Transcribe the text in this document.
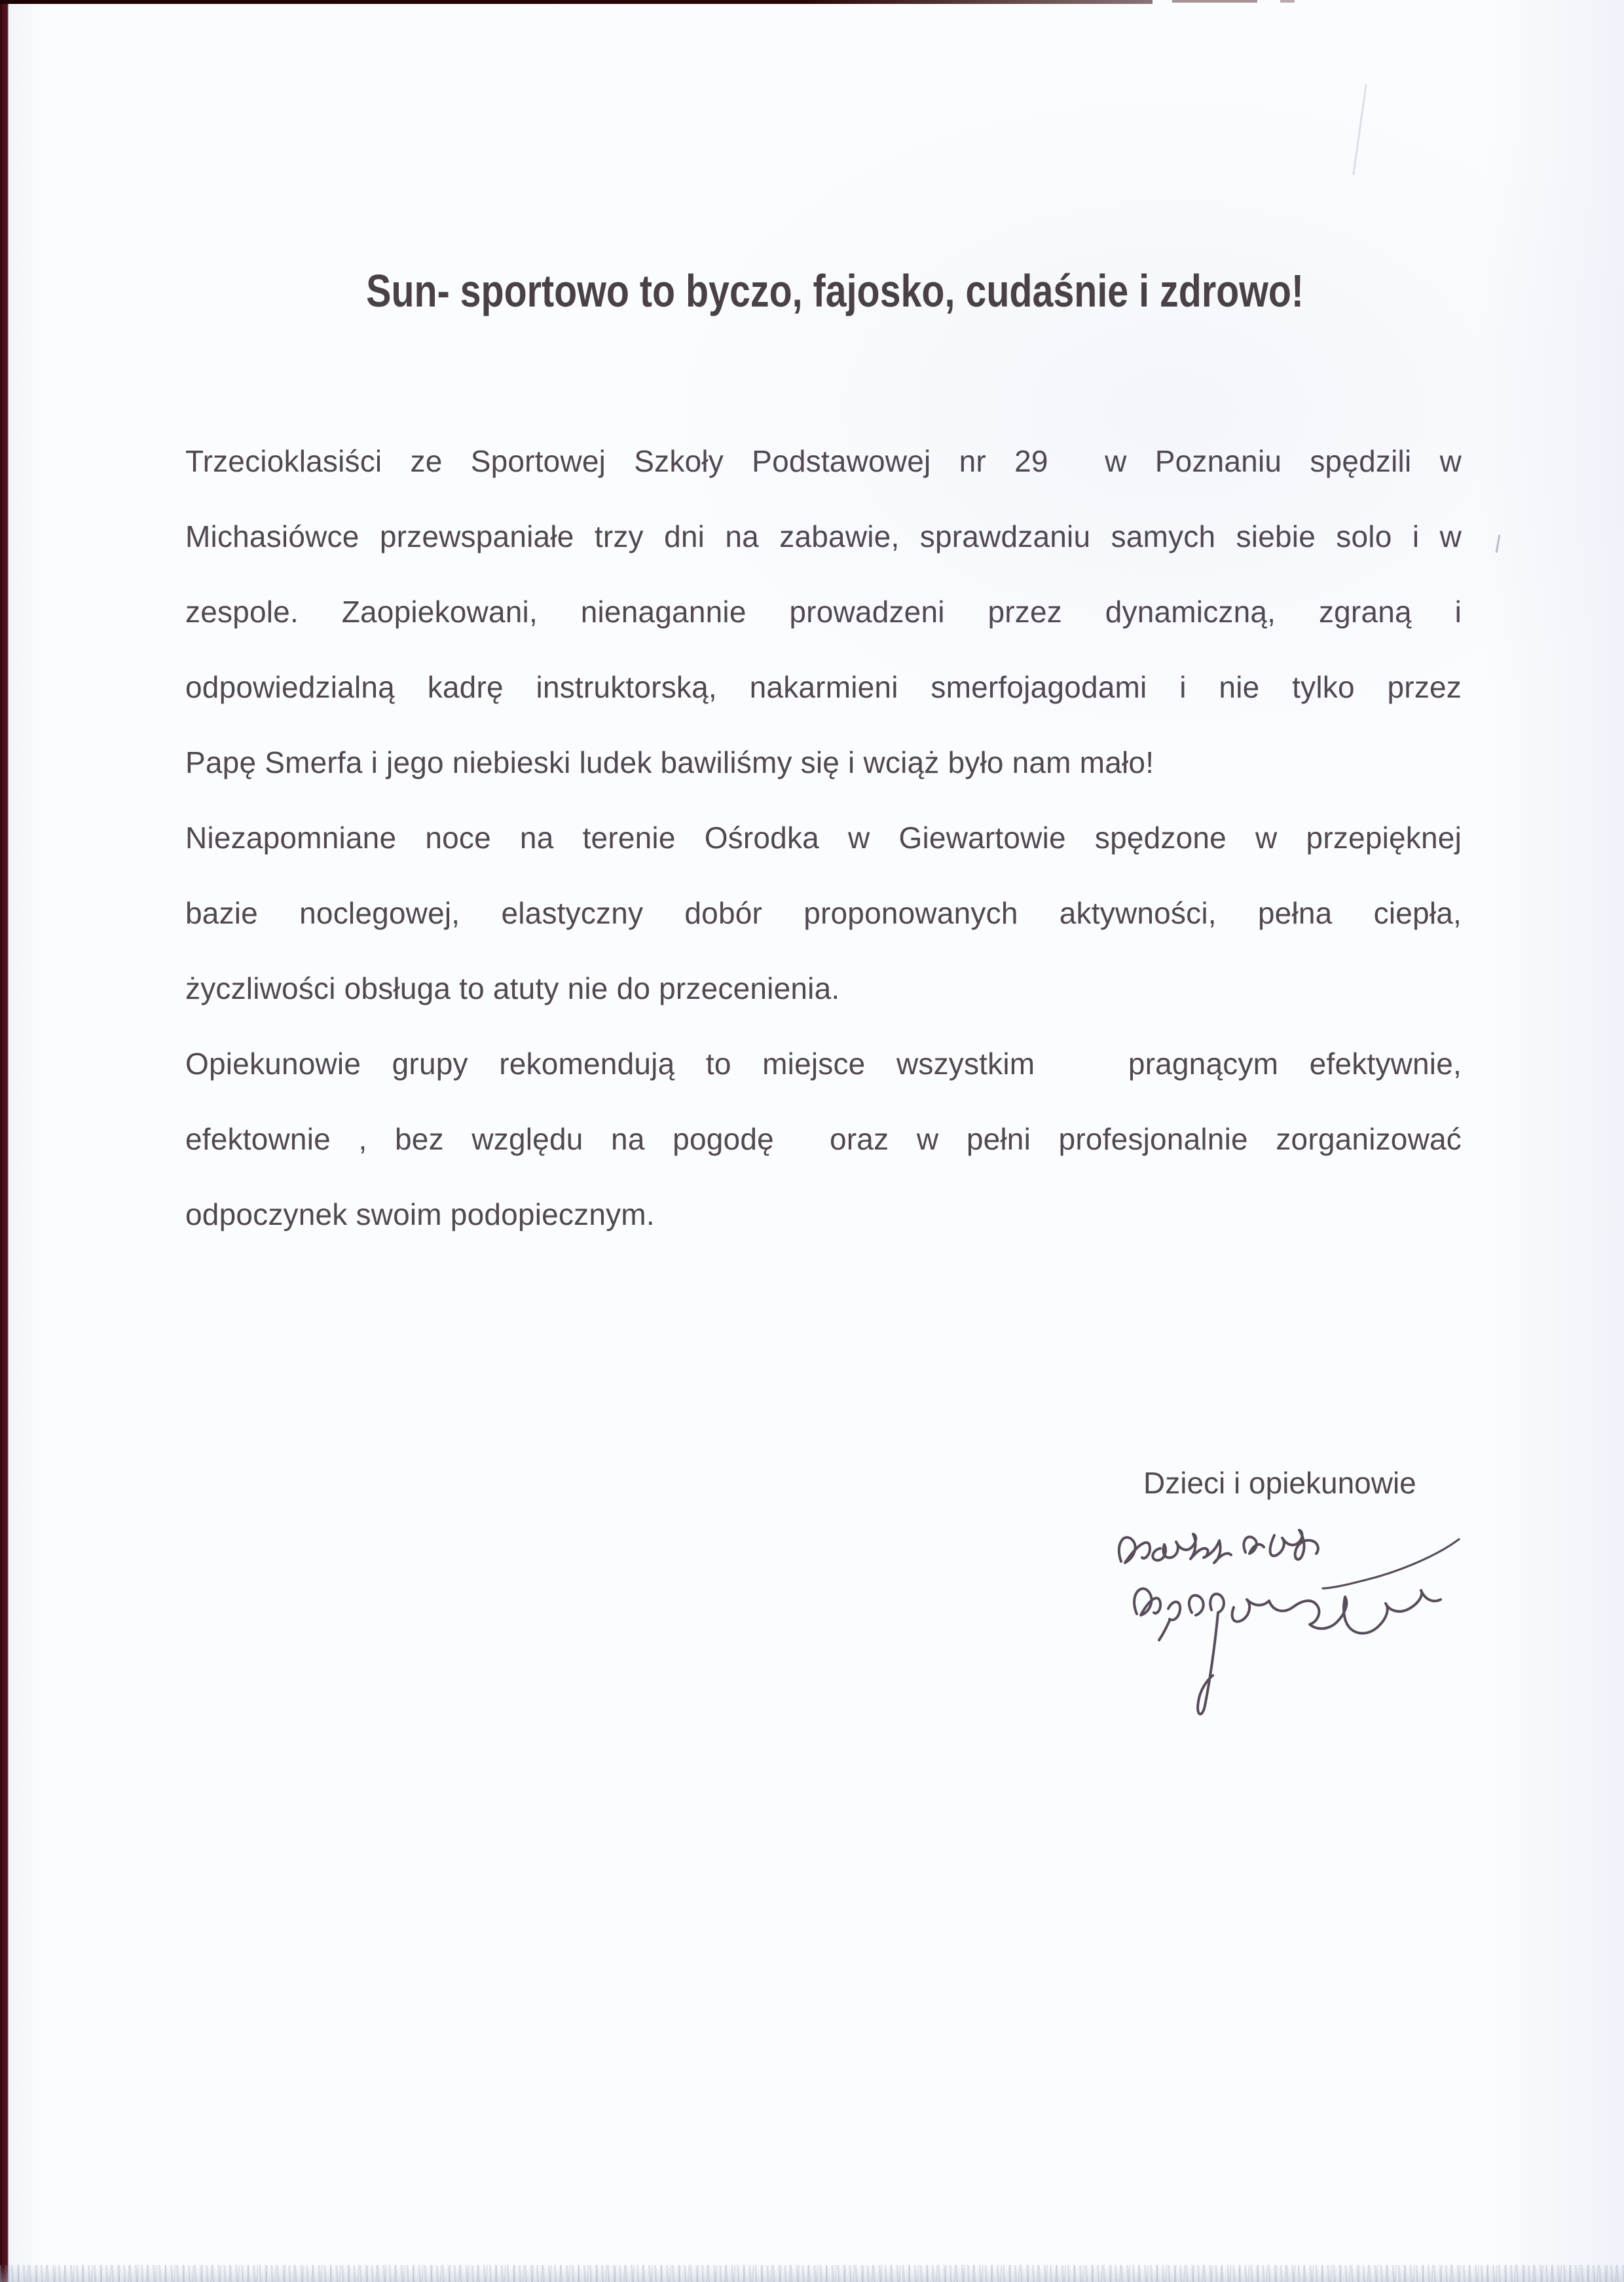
Sun- sportowo to byczo, fajosko, cudaśnie i zdrowo!
Trzecioklasiści ze Sportowej Szkoły Podstawowej nr 29  w Poznaniu spędzili w
Michasiówce przewspaniałe trzy dni na zabawie, sprawdzaniu samych siebie solo i w
zespole. Zaopiekowani, nienagannie prowadzeni przez dynamiczną, zgraną i
odpowiedzialną kadrę instruktorską, nakarmieni smerfojagodami i nie tylko przez
Papę Smerfa i jego niebieski ludek bawiliśmy się i wciąż było nam mało!
Niezapomniane noce na terenie Ośrodka w Giewartowie spędzone w przepięknej
bazie noclegowej, elastyczny dobór proponowanych aktywności, pełna ciepła,
życzliwości obsługa to atuty nie do przecenienia.
Opiekunowie grupy rekomendują to miejsce wszystkim   pragnącym efektywnie,
efektownie , bez względu na pogodę  oraz w pełni profesjonalnie zorganizować
odpoczynek swoim podopiecznym.
Dzieci i opiekunowie
